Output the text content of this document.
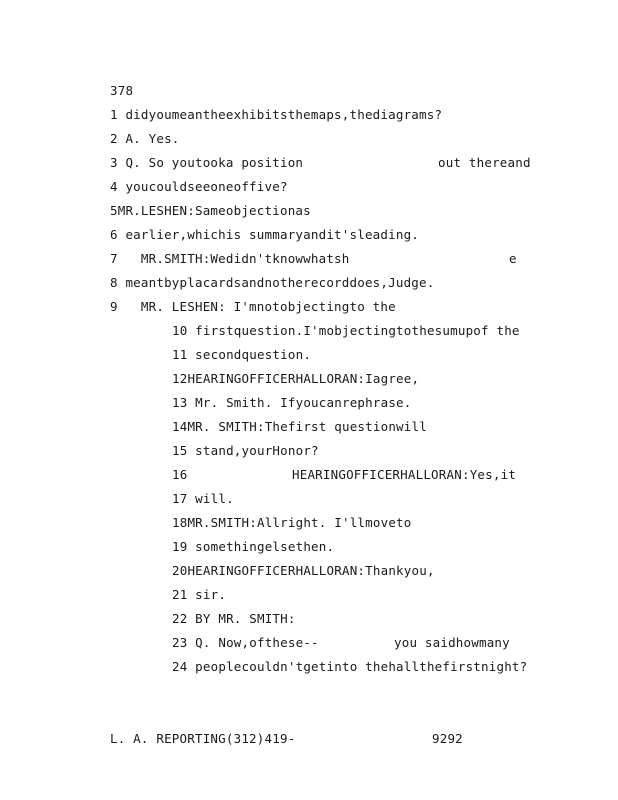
378
1 didyoumeantheexhibitsthemaps,thediagrams?
2 A. Yes.
3 Q. So youtooka position	out thereand
4 youcouldseeoneoffive?
5MR.LESHEN:Sameobjectionas
6 earlier,whichis summaryandit'sleading.
7   MR.SMITH:Wedidn'tknowwhatsh	e
8 meantbyplacardsandnotherecorddoes,Judge.
9   MR. LESHEN: I'mnotobjectingto the
10 firstquestion.I'mobjectingtothesumupof the
11 secondquestion.
12HEARINGOFFICERHALLORAN:Iagree,
13 Mr. Smith. Ifyoucanrephrase.
14MR. SMITH:Thefirst questionwill
15 stand,yourHonor?
16	HEARINGOFFICERHALLORAN:Yes,it
17 will.
18MR.SMITH:Allright. I'llmoveto
19 somethingelsethen.
20HEARINGOFFICERHALLORAN:Thankyou,
21 sir.
22 BY MR. SMITH:
23 Q. Now,ofthese--	you saidhowmany
24 peoplecouldn'tgetinto thehallthefirstnight?
L. A. REPORTING(312)419-	9292
